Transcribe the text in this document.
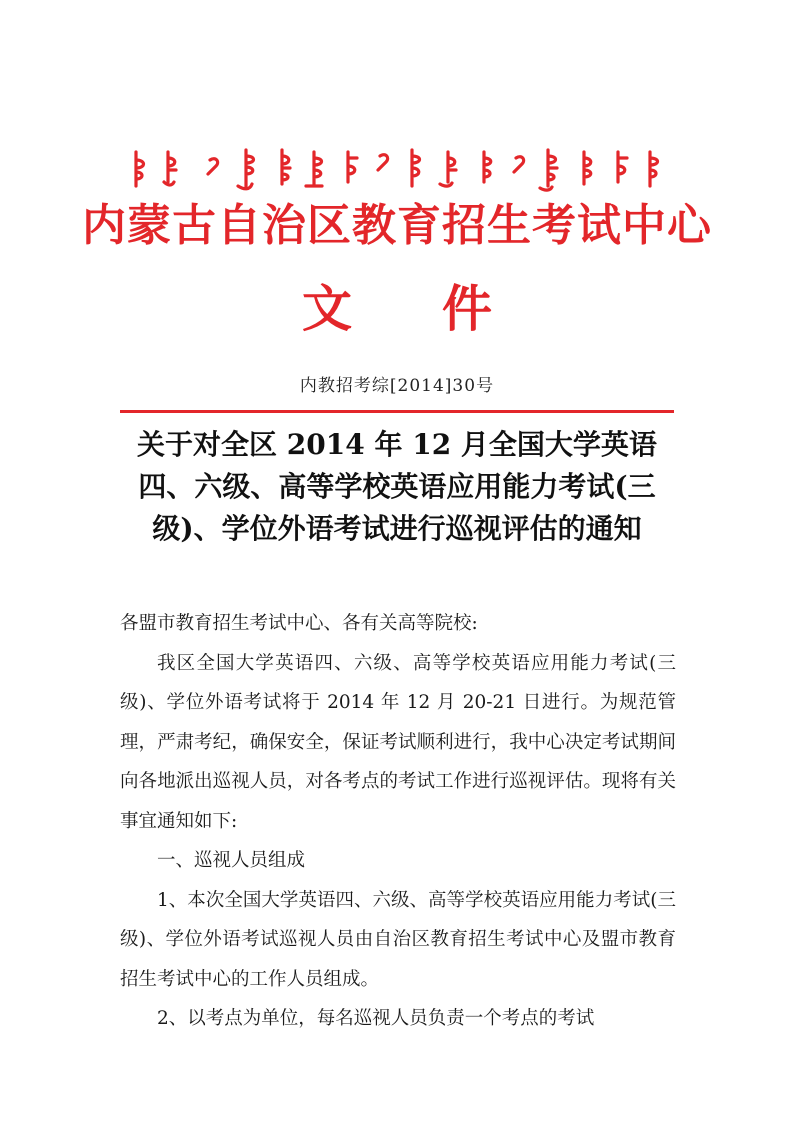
内蒙古自治区教育招生考试中心
文件
内教招考综[2014]30号
关于对全区 2014 年 12 月全国大学英语
四、六级、高等学校英语应用能力考试(三
级)、学位外语考试进行巡视评估的通知

各盟市教育招生考试中心、各有关高等院校:

我区全国大学英语四、六级、高等学校英语应用能力考试(三级)、学位外语考试将于 2014 年 12 月 20-21 日进行。为规范管理，严肃考纪，确保安全，保证考试顺利进行，我中心决定考试期间向各地派出巡视人员，对各考点的考试工作进行巡视评估。现将有关事宜通知如下:

一、巡视人员组成

1、本次全国大学英语四、六级、高等学校英语应用能力考试(三级)、学位外语考试巡视人员由自治区教育招生考试中心及盟市教育招生考试中心的工作人员组成。

2、以考点为单位，每名巡视人员负责一个考点的考试
